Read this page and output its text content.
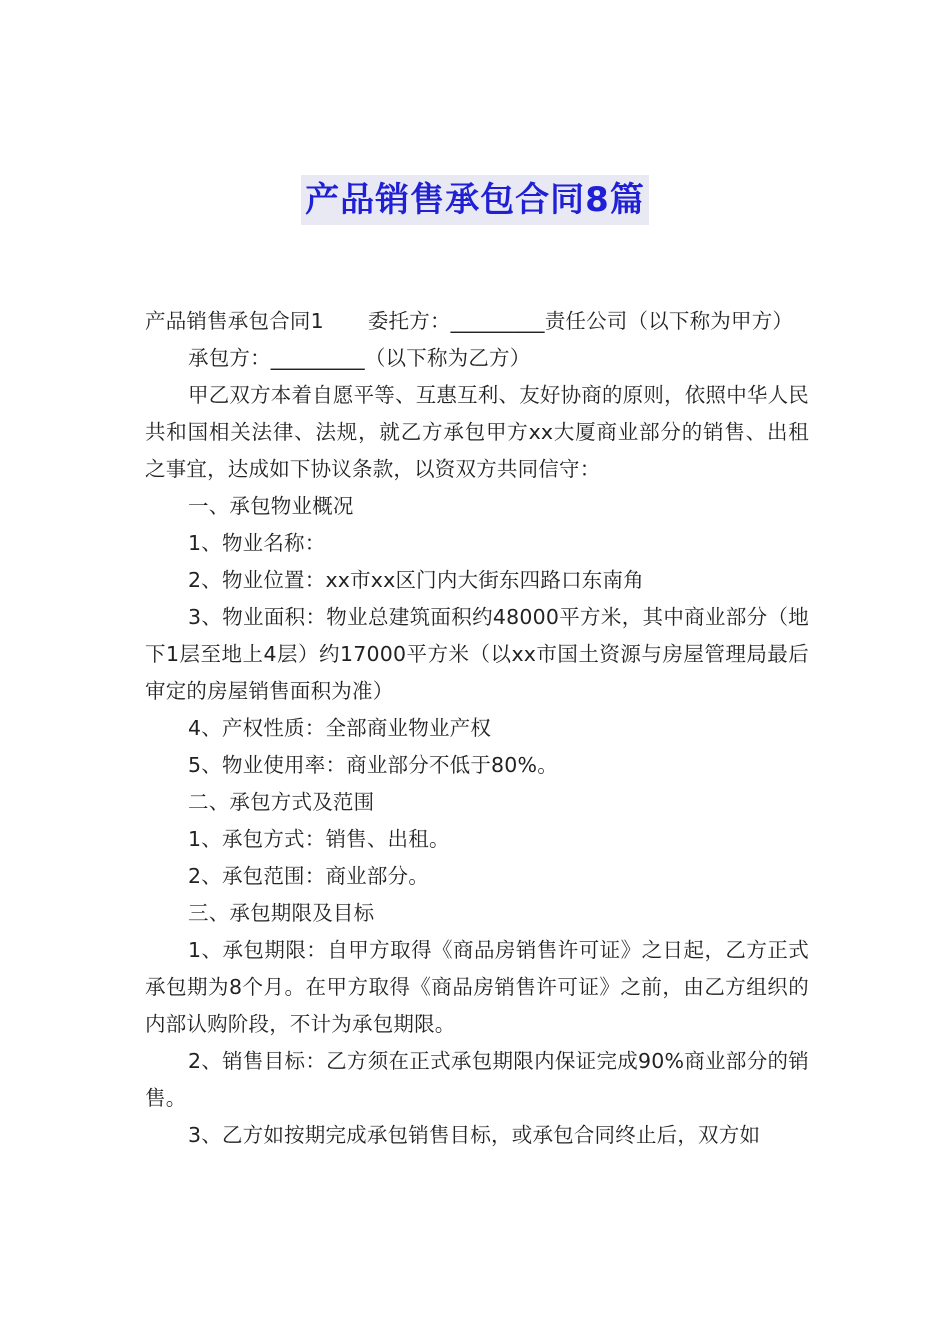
产品销售承包合同8篇

产品销售承包合同1 委托方：_________责任公司（以下称为甲方）

承包方：_________（以下称为乙方）

甲乙双方本着自愿平等、互惠互利、友好协商的原则，依照中华人民共和国相关法律、法规，就乙方承包甲方xx大厦商业部分的销售、出租之事宜，达成如下协议条款，以资双方共同信守：

一、承包物业概况

1、物业名称：

2、物业位置：xx市xx区门内大街东四路口东南角

3、物业面积：物业总建筑面积约48000平方米，其中商业部分（地下1层至地上4层）约17000平方米（以xx市国土资源与房屋管理局最后审定的房屋销售面积为准）

4、产权性质：全部商业物业产权

5、物业使用率：商业部分不低于80%。

二、承包方式及范围

1、承包方式：销售、出租。

2、承包范围：商业部分。

三、承包期限及目标

1、承包期限：自甲方取得《商品房销售许可证》之日起，乙方正式承包期为8个月。在甲方取得《商品房销售许可证》之前，由乙方组织的内部认购阶段，不计为承包期限。

2、销售目标：乙方须在正式承包期限内保证完成90%商业部分的销售。

3、乙方如按期完成承包销售目标，或承包合同终止后，双方如
